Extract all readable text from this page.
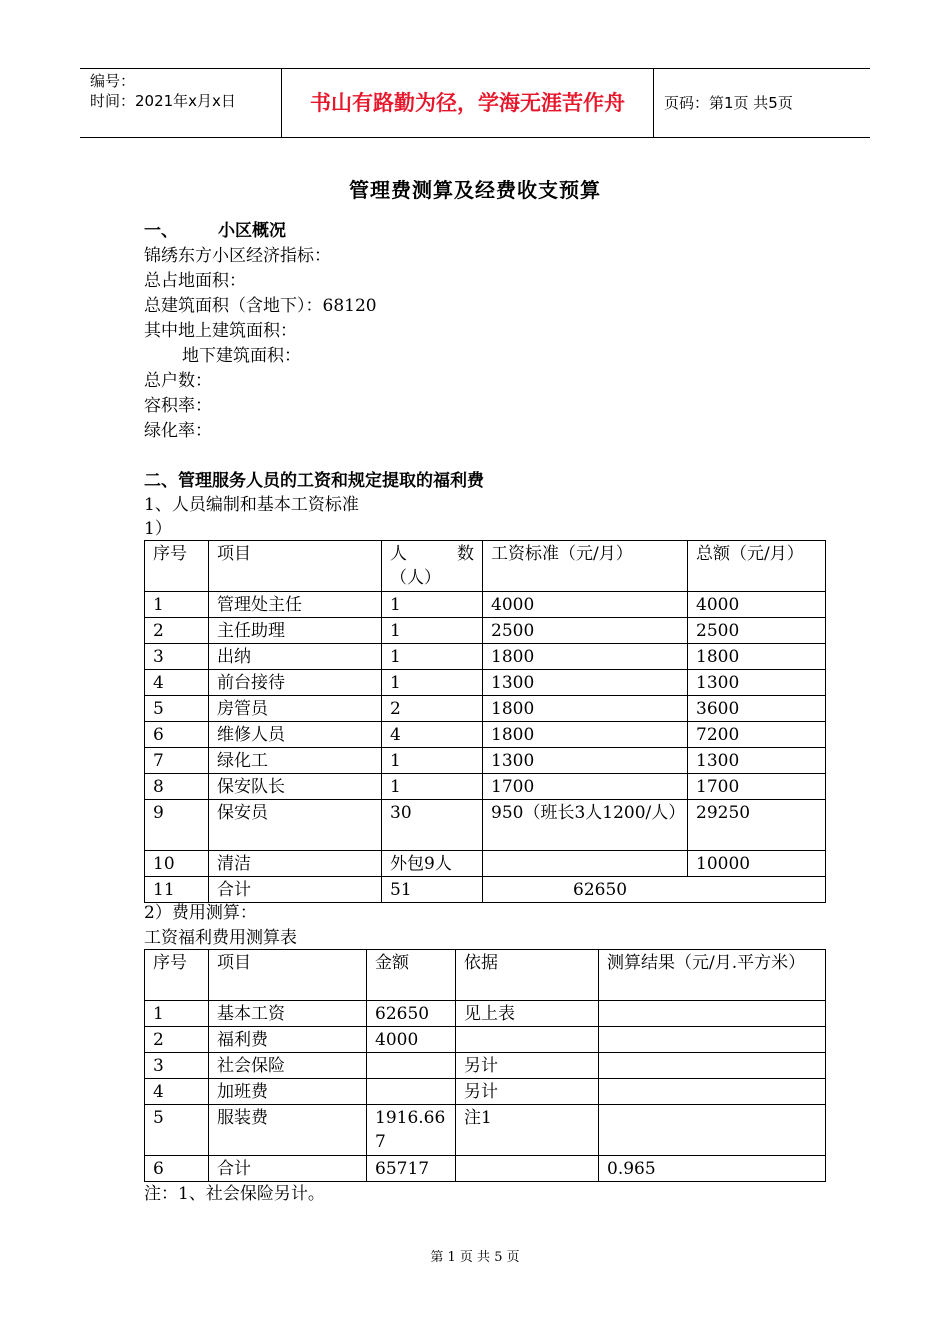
编号：
时间：2021年x月x日	书山有路勤为径，学海无涯苦作舟	页码：第1页 共5页
管理费测算及经费收支预算
一、 小区概况
锦绣东方小区经济指标：
总占地面积：
总建筑面积（含地下）：68120
其中地上建筑面积：
地下建筑面积：
总户数：
容积率：
绿化率：
二、管理服务人员的工资和规定提取的福利费
1、人员编制和基本工资标准
1）
序号	项目	人　　数（人）	工资标准（元/月）	总额（元/月）
1	管理处主任	1	4000	4000
2	主任助理	1	2500	2500
3	出纳	1	1800	1800
4	前台接待	1	1300	1300
5	房管员	2	1800	3600
6	维修人员	4	1800	7200
7	绿化工	1	1300	1300
8	保安队长	1	1700	1700
9	保安员	30	950（班长3人1200/人）	29250
10	清洁	外包9人		10000
11	合计	51	62650	
2）费用测算：
工资福利费用测算表
序号	项目	金额	依据	测算结果（元/月.平方米）
1	基本工资	62650	见上表	
2	福利费	4000		
3	社会保险		另计	
4	加班费		另计	
5	服装费	1916.667	注1	
6	合计	65717		0.965
注：1、社会保险另计。
第 1 页 共 5 页
